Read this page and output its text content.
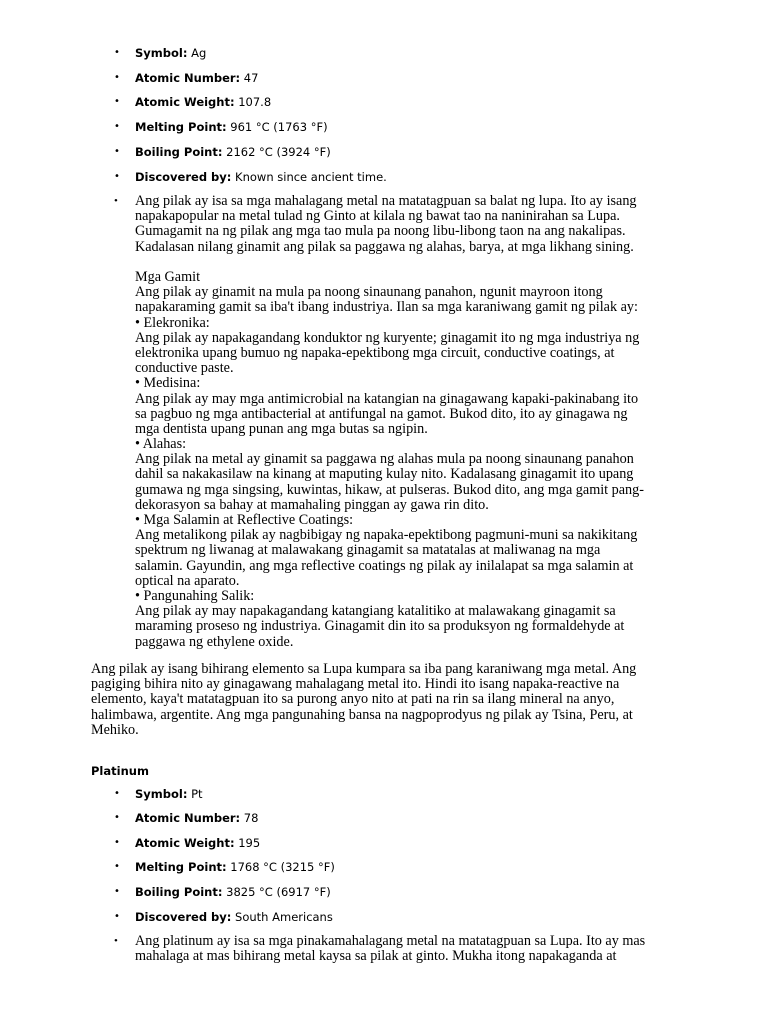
• Symbol: Ag
• Atomic Number: 47
• Atomic Weight: 107.8
• Melting Point: 961 °C (1763 °F)
• Boiling Point: 2162 °C (3924 °F)
• Discovered by: Known since ancient time.
• Ang pilak ay isa sa mga mahalagang metal na matatagpuan sa balat ng lupa. Ito ay isang
napakapopular na metal tulad ng Ginto at kilala ng bawat tao na naninirahan sa Lupa.
Gumagamit na ng pilak ang mga tao mula pa noong libu-libong taon na ang nakalipas.
Kadalasan nilang ginamit ang pilak sa paggawa ng alahas, barya, at mga likhang sining.
Mga Gamit
Ang pilak ay ginamit na mula pa noong sinaunang panahon, ngunit mayroon itong
napakaraming gamit sa iba't ibang industriya. Ilan sa mga karaniwang gamit ng pilak ay:
• Elekronika:
Ang pilak ay napakagandang konduktor ng kuryente; ginagamit ito ng mga industriya ng
elektronika upang bumuo ng napaka-epektibong mga circuit, conductive coatings, at
conductive paste.
• Medisina:
Ang pilak ay may mga antimicrobial na katangian na ginagawang kapaki-pakinabang ito
sa pagbuo ng mga antibacterial at antifungal na gamot. Bukod dito, ito ay ginagawa ng
mga dentista upang punan ang mga butas sa ngipin.
• Alahas:
Ang pilak na metal ay ginamit sa paggawa ng alahas mula pa noong sinaunang panahon
dahil sa nakakasilaw na kinang at maputing kulay nito. Kadalasang ginagamit ito upang
gumawa ng mga singsing, kuwintas, hikaw, at pulseras. Bukod dito, ang mga gamit pang-
dekorasyon sa bahay at mamahaling pinggan ay gawa rin dito.
• Mga Salamin at Reflective Coatings:
Ang metalikong pilak ay nagbibigay ng napaka-epektibong pagmuni-muni sa nakikitang
spektrum ng liwanag at malawakang ginagamit sa matatalas at maliwanag na mga
salamin. Gayundin, ang mga reflective coatings ng pilak ay inilalapat sa mga salamin at
optical na aparato.
• Pangunahing Salik:
Ang pilak ay may napakagandang katangiang katalitiko at malawakang ginagamit sa
maraming proseso ng industriya. Ginagamit din ito sa produksyon ng formaldehyde at
paggawa ng ethylene oxide.
Ang pilak ay isang bihirang elemento sa Lupa kumpara sa iba pang karaniwang mga metal. Ang
pagiging bihira nito ay ginagawang mahalagang metal ito. Hindi ito isang napaka-reactive na
elemento, kaya't matatagpuan ito sa purong anyo nito at pati na rin sa ilang mineral na anyo,
halimbawa, argentite. Ang mga pangunahing bansa na nagpoprodyus ng pilak ay Tsina, Peru, at
Mehiko.
Platinum
• Symbol: Pt
• Atomic Number: 78
• Atomic Weight: 195
• Melting Point: 1768 °C (3215 °F)
• Boiling Point: 3825 °C (6917 °F)
• Discovered by: South Americans
• Ang platinum ay isa sa mga pinakamahalagang metal na matatagpuan sa Lupa. Ito ay mas
mahalaga at mas bihirang metal kaysa sa pilak at ginto. Mukha itong napakaganda at
